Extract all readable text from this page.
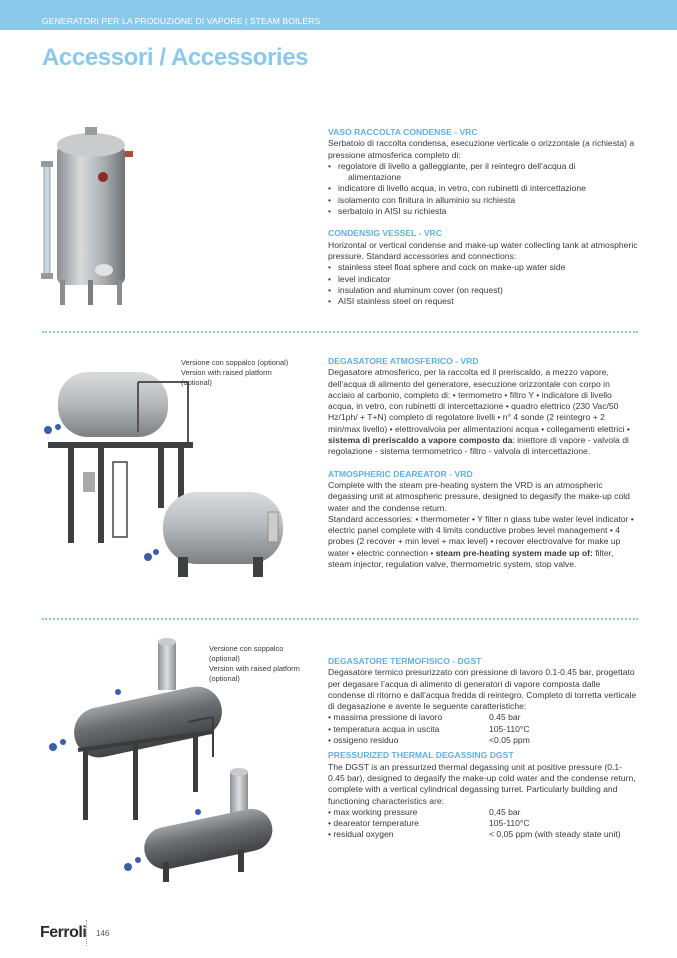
GENERATORI PER LA PRODUZIONE DI VAPORE | STEAM BOILERS
Accessori / Accessories
VASO RACCOLTA CONDENSE - VRC

Serbatoio di raccolta condensa, esecuzione verticale o orizzontale (a richiesta) a pressione atmosferica completo di:

• regolatore di livello a galleggiante, per il reintegro dell’acqua di
alimentazione
• indicatore di livello acqua, in vetro, con rubinetti di intercettazione
• isolamento con finitura in alluminio su richiesta
• serbatoio in AISI su richiesta
CONDENSIG VESSEL - VRC

Horizontal or vertical condense and make-up water collecting tank at atmospheric pressure. Standard accessories and connections:

• stainless steel float sphere and cock on make-up water side
• level indicator
• insulation and aluminum cover (on request)
• AISI stainless steel on request
Versione con soppalco (optional)
Version with raised platform
(optional)
DEGASATORE ATMOSFERICO - VRD

Degasatore atmosferico, per la raccolta ed il preriscaldo, a mezzo vapore, dell’acqua di alimento del generatore, esecuzione orizzontale con corpo in acciaio al carbonio, completo di: • termometro • filtro Y • indicatore di livello acqua, in vetro, con rubinetti di intercettazione • quadro elettrico (230 Vac/50 Hz/1ph/ + T+N) completo di regolatore livelli • n° 4 sonde (2 reintegro + 2 min/max livello) • elettrovalvola per alimentazioni acqua • collegamenti elettrici • sistema di preriscaldo a vapore composto da: iniettore di vapore - valvola di regolazione - sistema termometrico - filtro - valvola di intercettazione.

ATMOSPHERIC DEAREATOR - VRD

Complete with the steam pre-heating system the VRD is an atmospheric degassing unit at atmospheric pressure, designed to degasify the make-up cold water and the condense return.

Standard accessories: • thermometer • Y filter n glass tube water level indicator • electric panel complete with 4 limits conductive probes level management • 4 probes (2 recover + min level + max level) • recover electrovalve for make up water • electric connection • steam pre-heating system made up of: filter, steam injector, regulation valve, thermometric system, stop valve.

Versione con soppalco
(optional)
Version with raised platform
(optional)
DEGASATORE TERMOFISICO - DGST

Degasatore termico presurizzato con pressione di lavoro 0.1-0.45 bar, progettato per degasare l’acqua di alimento di generatori di vapore composta dalle condense di ritorno e dall’acqua fredda di reintegro. Completo di torretta verticale di degasazione e avente le seguente caratteristiche:

• massima pressione di lavoro	0.45 bar
• temperatura acqua in uscita	105-110°C
• ossigeno residuo	<0.05 ppm
PRESSURIZED THERMAL DEGASSING DGST

The DGST is an pressurized thermal degassing unit at positive pressure (0.1-0.45 bar), designed to degasify the make-up cold water and the condense return, complete with a vertical cylindrical degassing turret. Particularly building and functioning characteristics are:

• max working pressure	0,45 bar
• deareator temperature	105-110°C
• residual oxygen	< 0,05 ppm (with steady state unit)
Ferroli 146
